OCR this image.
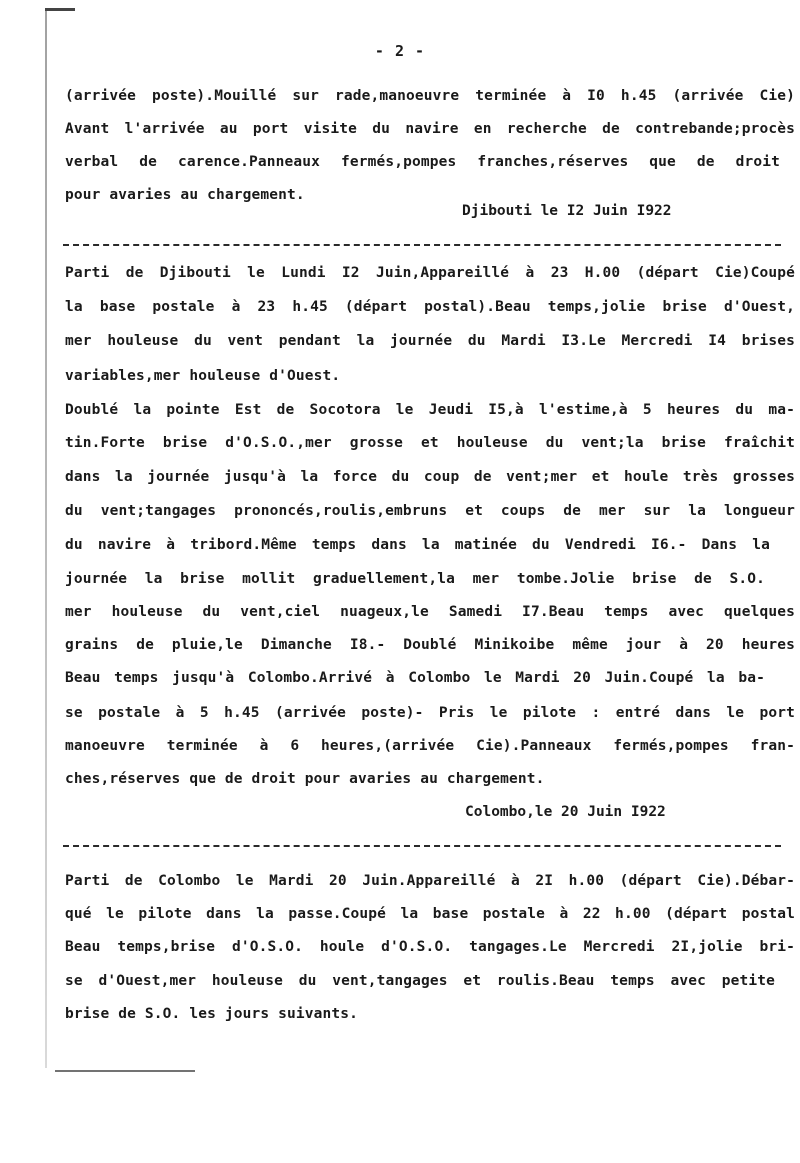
- 2 -
(arrivée poste).Mouillé sur rade,manoeuvre terminée à I0 h.45 (arrivée Cie)
Avant l'arrivée au port visite du navire en recherche de contrebande;procès
verbal de carence.Panneaux fermés,pompes franches,réserves que de droit
pour avaries au chargement.
Djibouti le I2 Juin I922
Parti de Djibouti le Lundi I2 Juin,Appareillé à 23 H.00 (départ Cie)Coupé
la base postale à 23 h.45 (départ postal).Beau temps,jolie brise d'Ouest,
mer houleuse du vent pendant la journée du Mardi I3.Le Mercredi I4 brises
variables,mer houleuse d'Ouest.
Doublé la pointe Est de Socotora le Jeudi I5,à l'estime,à 5 heures du ma-
tin.Forte brise d'O.S.O.,mer grosse et houleuse du vent;la brise fraîchit
dans la journée jusqu'à la force du coup de vent;mer et houle très grosses
du vent;tangages prononcés,roulis,embruns et coups de mer sur la longueur
du navire à tribord.Même temps dans la matinée du Vendredi I6.- Dans la
journée la brise mollit graduellement,la mer tombe.Jolie brise de S.O.
mer houleuse du vent,ciel nuageux,le Samedi I7.Beau temps avec quelques
grains de pluie,le Dimanche I8.- Doublé Minikoibe même jour à 20 heures
Beau temps jusqu'à Colombo.Arrivé à Colombo le Mardi 20 Juin.Coupé la ba-
se postale à 5 h.45 (arrivée poste)- Pris le pilote : entré dans le port
manoeuvre terminée à 6 heures,(arrivée Cie).Panneaux fermés,pompes fran-
ches,réserves que de droit pour avaries au chargement.
Colombo,le 20 Juin I922
Parti de Colombo le Mardi 20 Juin.Appareillé à 2I h.00 (départ Cie).Débar-
qué le pilote dans la passe.Coupé la base postale à 22 h.00 (départ postal
Beau temps,brise d'O.S.O. houle d'O.S.O. tangages.Le Mercredi 2I,jolie bri-
se d'Ouest,mer houleuse du vent,tangages et roulis.Beau temps avec petite
brise de S.O. les jours suivants.
